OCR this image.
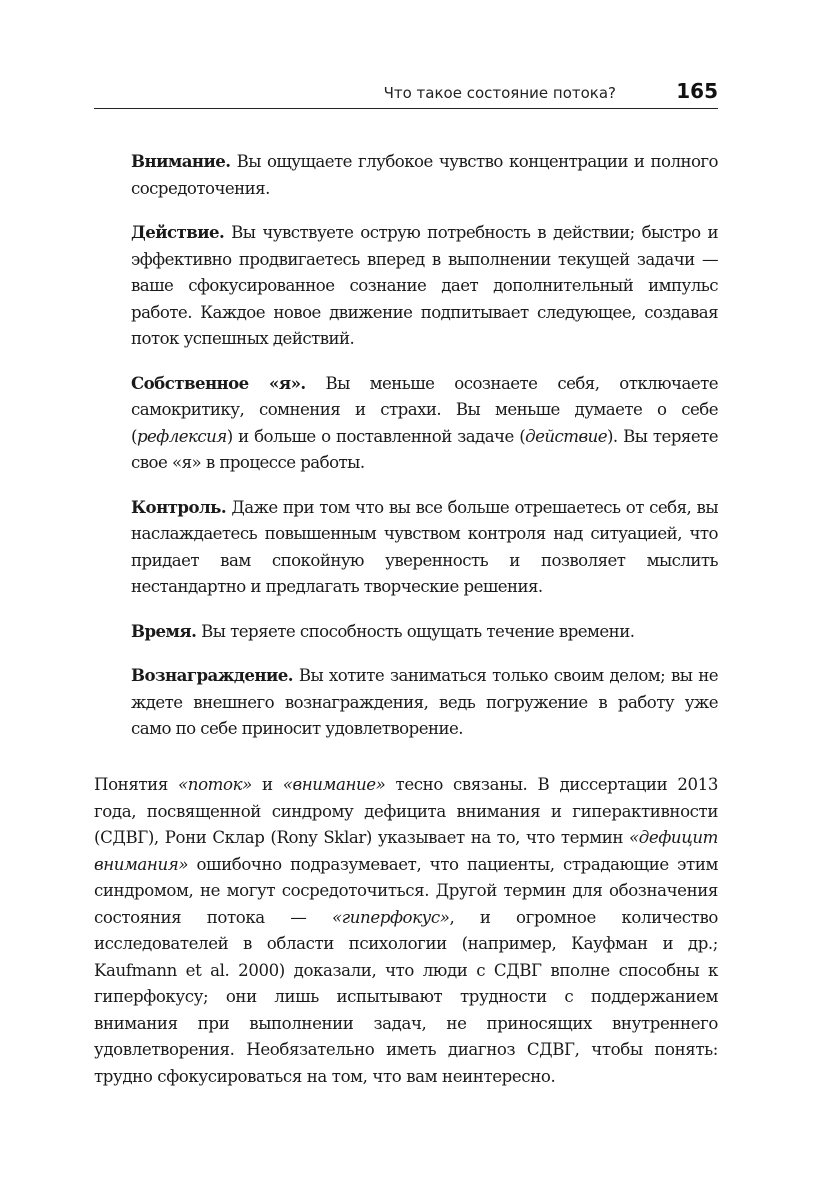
Что такое состояние потока?	165

Внимание. Вы ощущаете глубокое чувство концентрации и полного сосредоточения.

Действие. Вы чувствуете острую потребность в действии; быстро и эффективно продвигаетесь вперед в выполнении текущей задачи — ваше сфокусированное сознание дает дополнительный импульс работе. Каждое новое движение подпитывает следующее, создавая поток успешных действий.

Собственное «я». Вы меньше осознаете себя, отключаете самокритику, сомнения и страхи. Вы меньше думаете о себе (рефлексия) и больше о поставленной задаче (действие). Вы теряете свое «я» в процессе работы.

Контроль. Даже при том что вы все больше отрешаетесь от себя, вы наслаждаетесь повышенным чувством контроля над ситуацией, что придает вам спокойную уверенность и позволяет мыслить нестандартно и предлагать творческие решения.

Время. Вы теряете способность ощущать течение времени.

Вознаграждение. Вы хотите заниматься только своим делом; вы не ждете внешнего вознаграждения, ведь погружение в работу уже само по себе приносит удовлетворение.

Понятия «поток» и «внимание» тесно связаны. В диссертации 2013 года, посвященной синдрому дефицита внимания и гиперактивности (СДВГ), Рони Склар (Rony Sklar) указывает на то, что термин «дефицит внимания» ошибочно подразумевает, что пациенты, страдающие этим синдромом, не могут сосредоточиться. Другой термин для обозначения состояния потока — «гиперфокус», и огромное количество исследователей в области психологии (например, Кауфман и др.; Kaufmann et al. 2000) доказали, что люди с СДВГ вполне способны к гиперфокусу; они лишь испытывают трудности с поддержанием внимания при выполнении задач, не приносящих внутреннего удовлетворения. Необязательно иметь диагноз СДВГ, чтобы понять: трудно сфокусироваться на том, что вам неинтересно.
